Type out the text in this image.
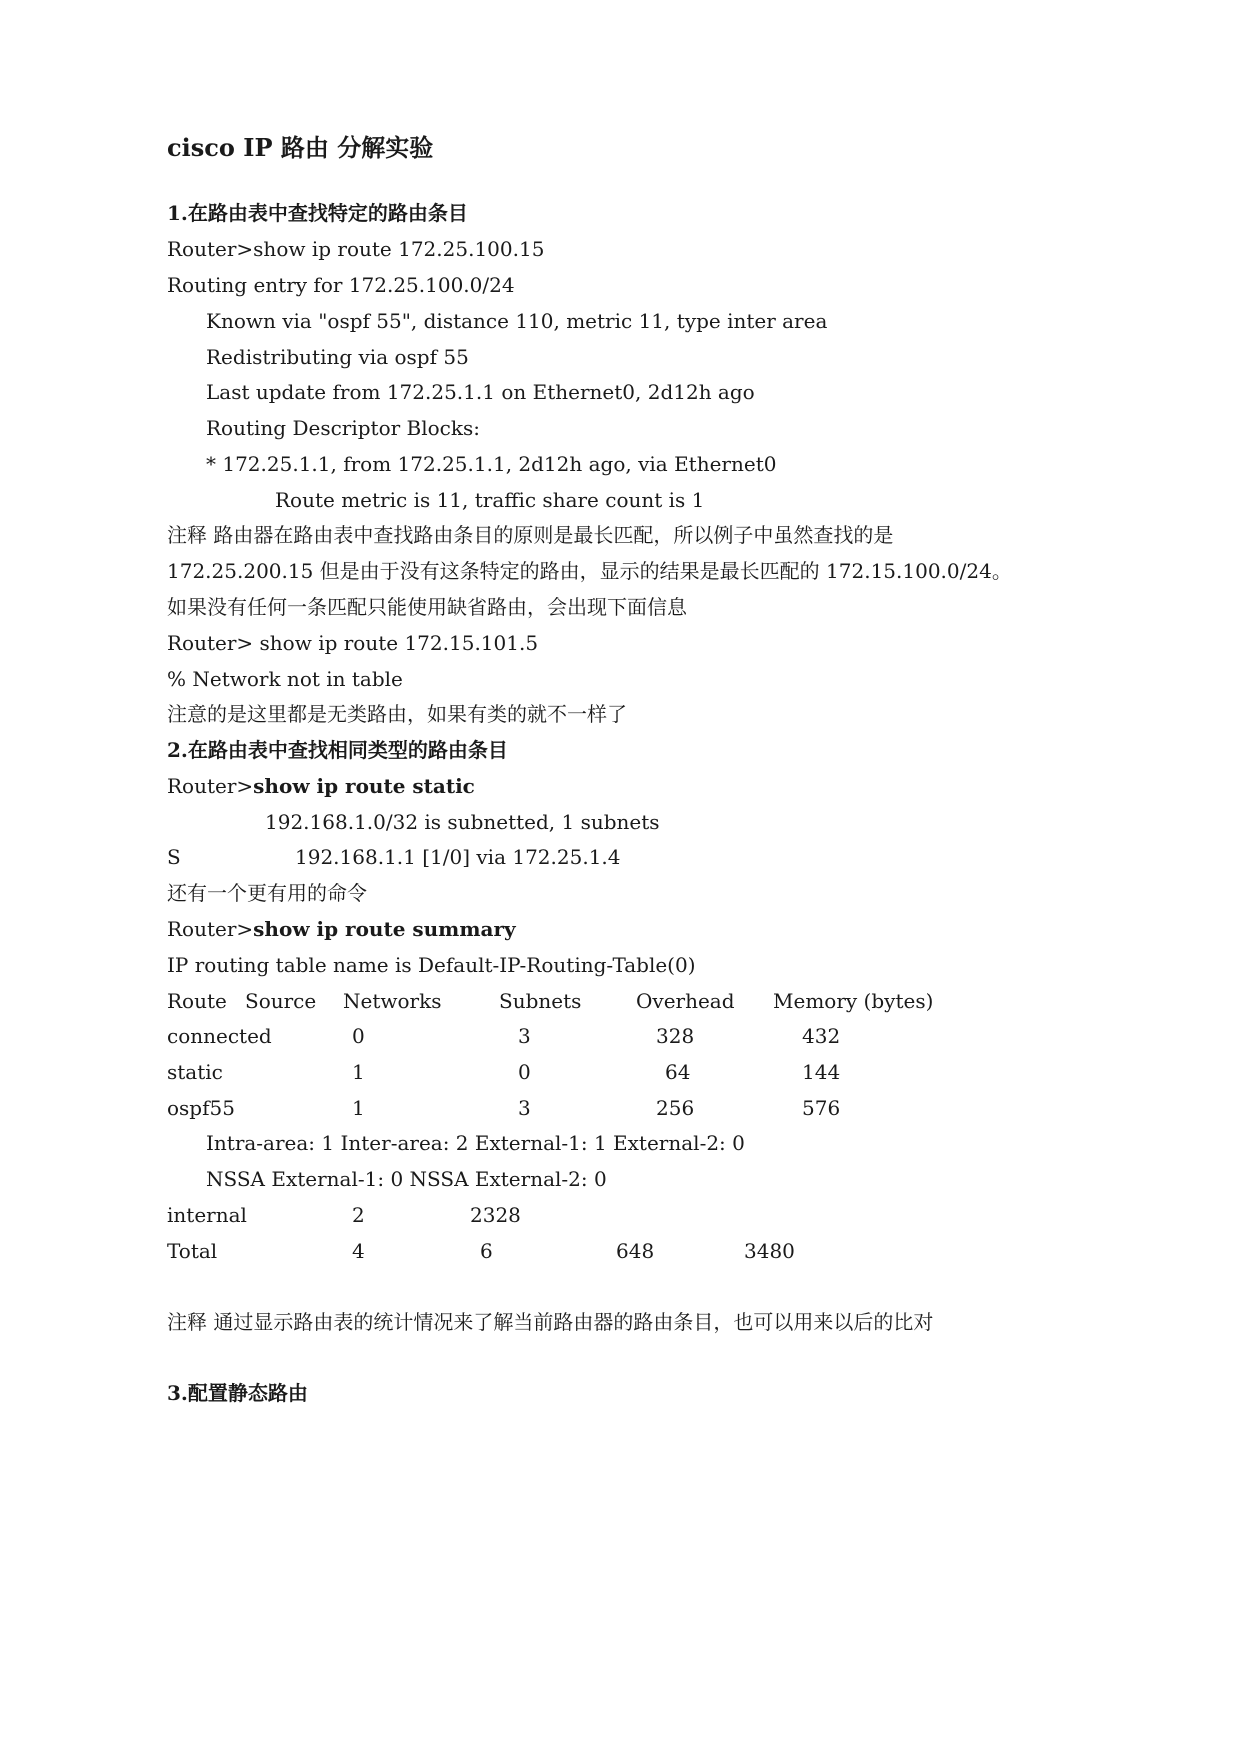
cisco IP 路由 分解实验
1.在路由表中查找特定的路由条目
Router>show ip route 172.25.100.15
Routing entry for 172.25.100.0/24
Known via "ospf 55", distance 110, metric 11, type inter area
Redistributing via ospf 55
Last update from 172.25.1.1 on Ethernet0, 2d12h ago
Routing Descriptor Blocks:
* 172.25.1.1, from 172.25.1.1, 2d12h ago, via Ethernet0
Route metric is 11, traffic share count is 1
注释 路由器在路由表中查找路由条目的原则是最长匹配，所以例子中虽然查找的是
172.25.200.15 但是由于没有这条特定的路由，显示的结果是最长匹配的 172.15.100.0/24。
如果没有任何一条匹配只能使用缺省路由，会出现下面信息
Router> show ip route 172.15.101.5
% Network not in table
注意的是这里都是无类路由，如果有类的就不一样了
2.在路由表中查找相同类型的路由条目
Router>show ip route static
192.168.1.0/32 is subnetted, 1 subnets
S	192.168.1.1 [1/0] via 172.25.1.4
还有一个更有用的命令
Router>show ip route summary
IP routing table name is Default-IP-Routing-Table(0)
Route Source Networks	Subnets	Overhead Memory (bytes)
connected	0	3	328	432
static	1	0	64	144
ospf55	1	3	256	576
Intra-area: 1 Inter-area: 2 External-1: 1 External-2: 0
NSSA External-1: 0 NSSA External-2: 0
internal	2	2328
Total	4	6	648	3480
注释 通过显示路由表的统计情况来了解当前路由器的路由条目，也可以用来以后的比对
3.配置静态路由
